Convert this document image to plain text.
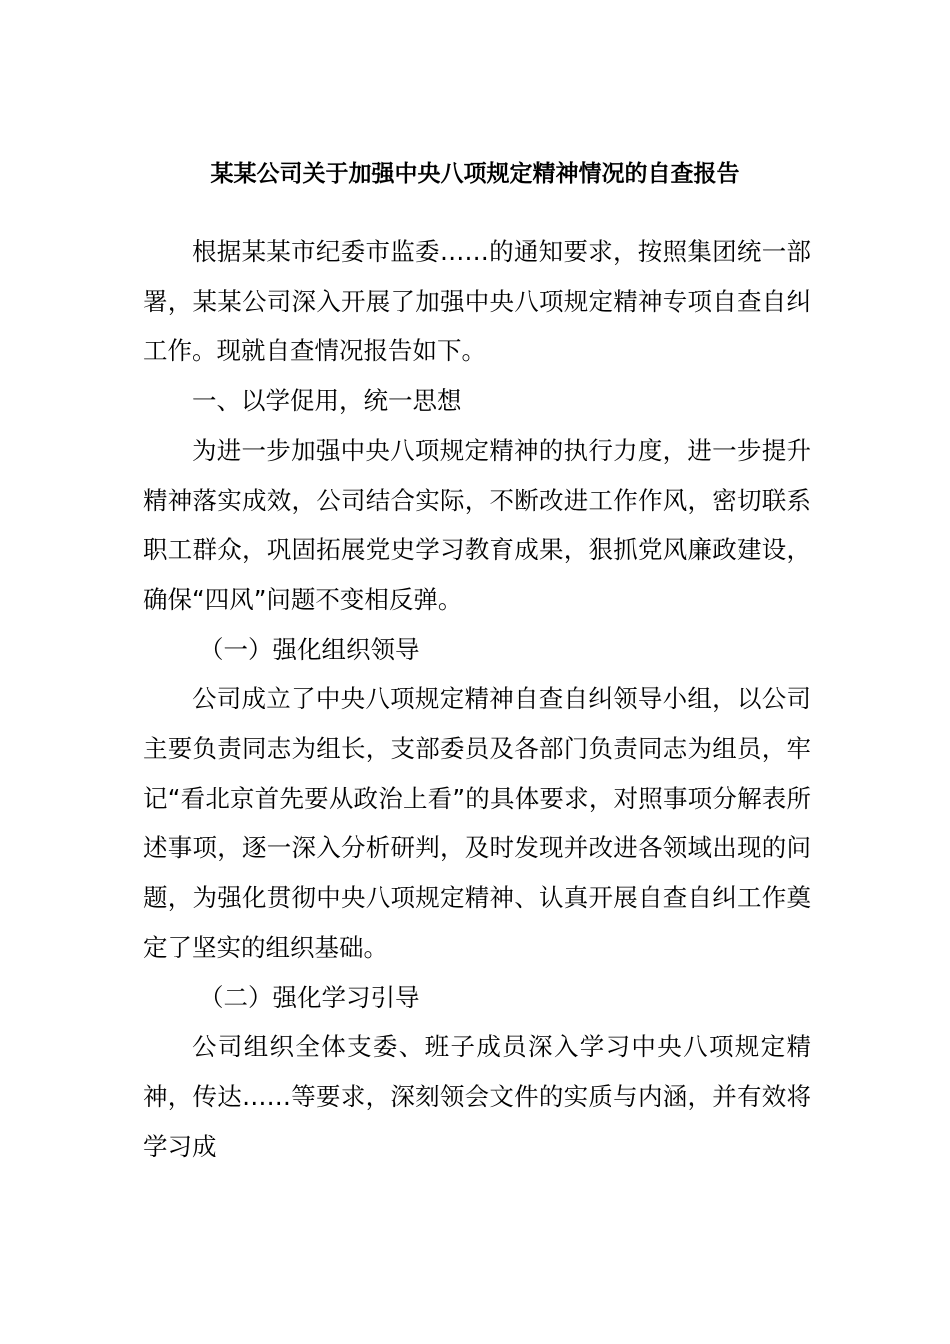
某某公司关于加强中央八项规定精神情况的自查报告

根据某某市纪委市监委……的通知要求，按照集团统一部署，某某公司深入开展了加强中央八项规定精神专项自查自纠工作。现就自查情况报告如下。

一、以学促用，统一思想

为进一步加强中央八项规定精神的执行力度，进一步提升精神落实成效，公司结合实际，不断改进工作作风，密切联系职工群众，巩固拓展党史学习教育成果，狠抓党风廉政建设，确保“四风”问题不变相反弹。

（一）强化组织领导

公司成立了中央八项规定精神自查自纠领导小组，以公司主要负责同志为组长，支部委员及各部门负责同志为组员，牢记“看北京首先要从政治上看”的具体要求，对照事项分解表所述事项，逐一深入分析研判，及时发现并改进各领域出现的问题，为强化贯彻中央八项规定精神、认真开展自查自纠工作奠定了坚实的组织基础。

（二）强化学习引导

公司组织全体支委、班子成员深入学习中央八项规定精神，传达……等要求，深刻领会文件的实质与内涵，并有效将学习成
